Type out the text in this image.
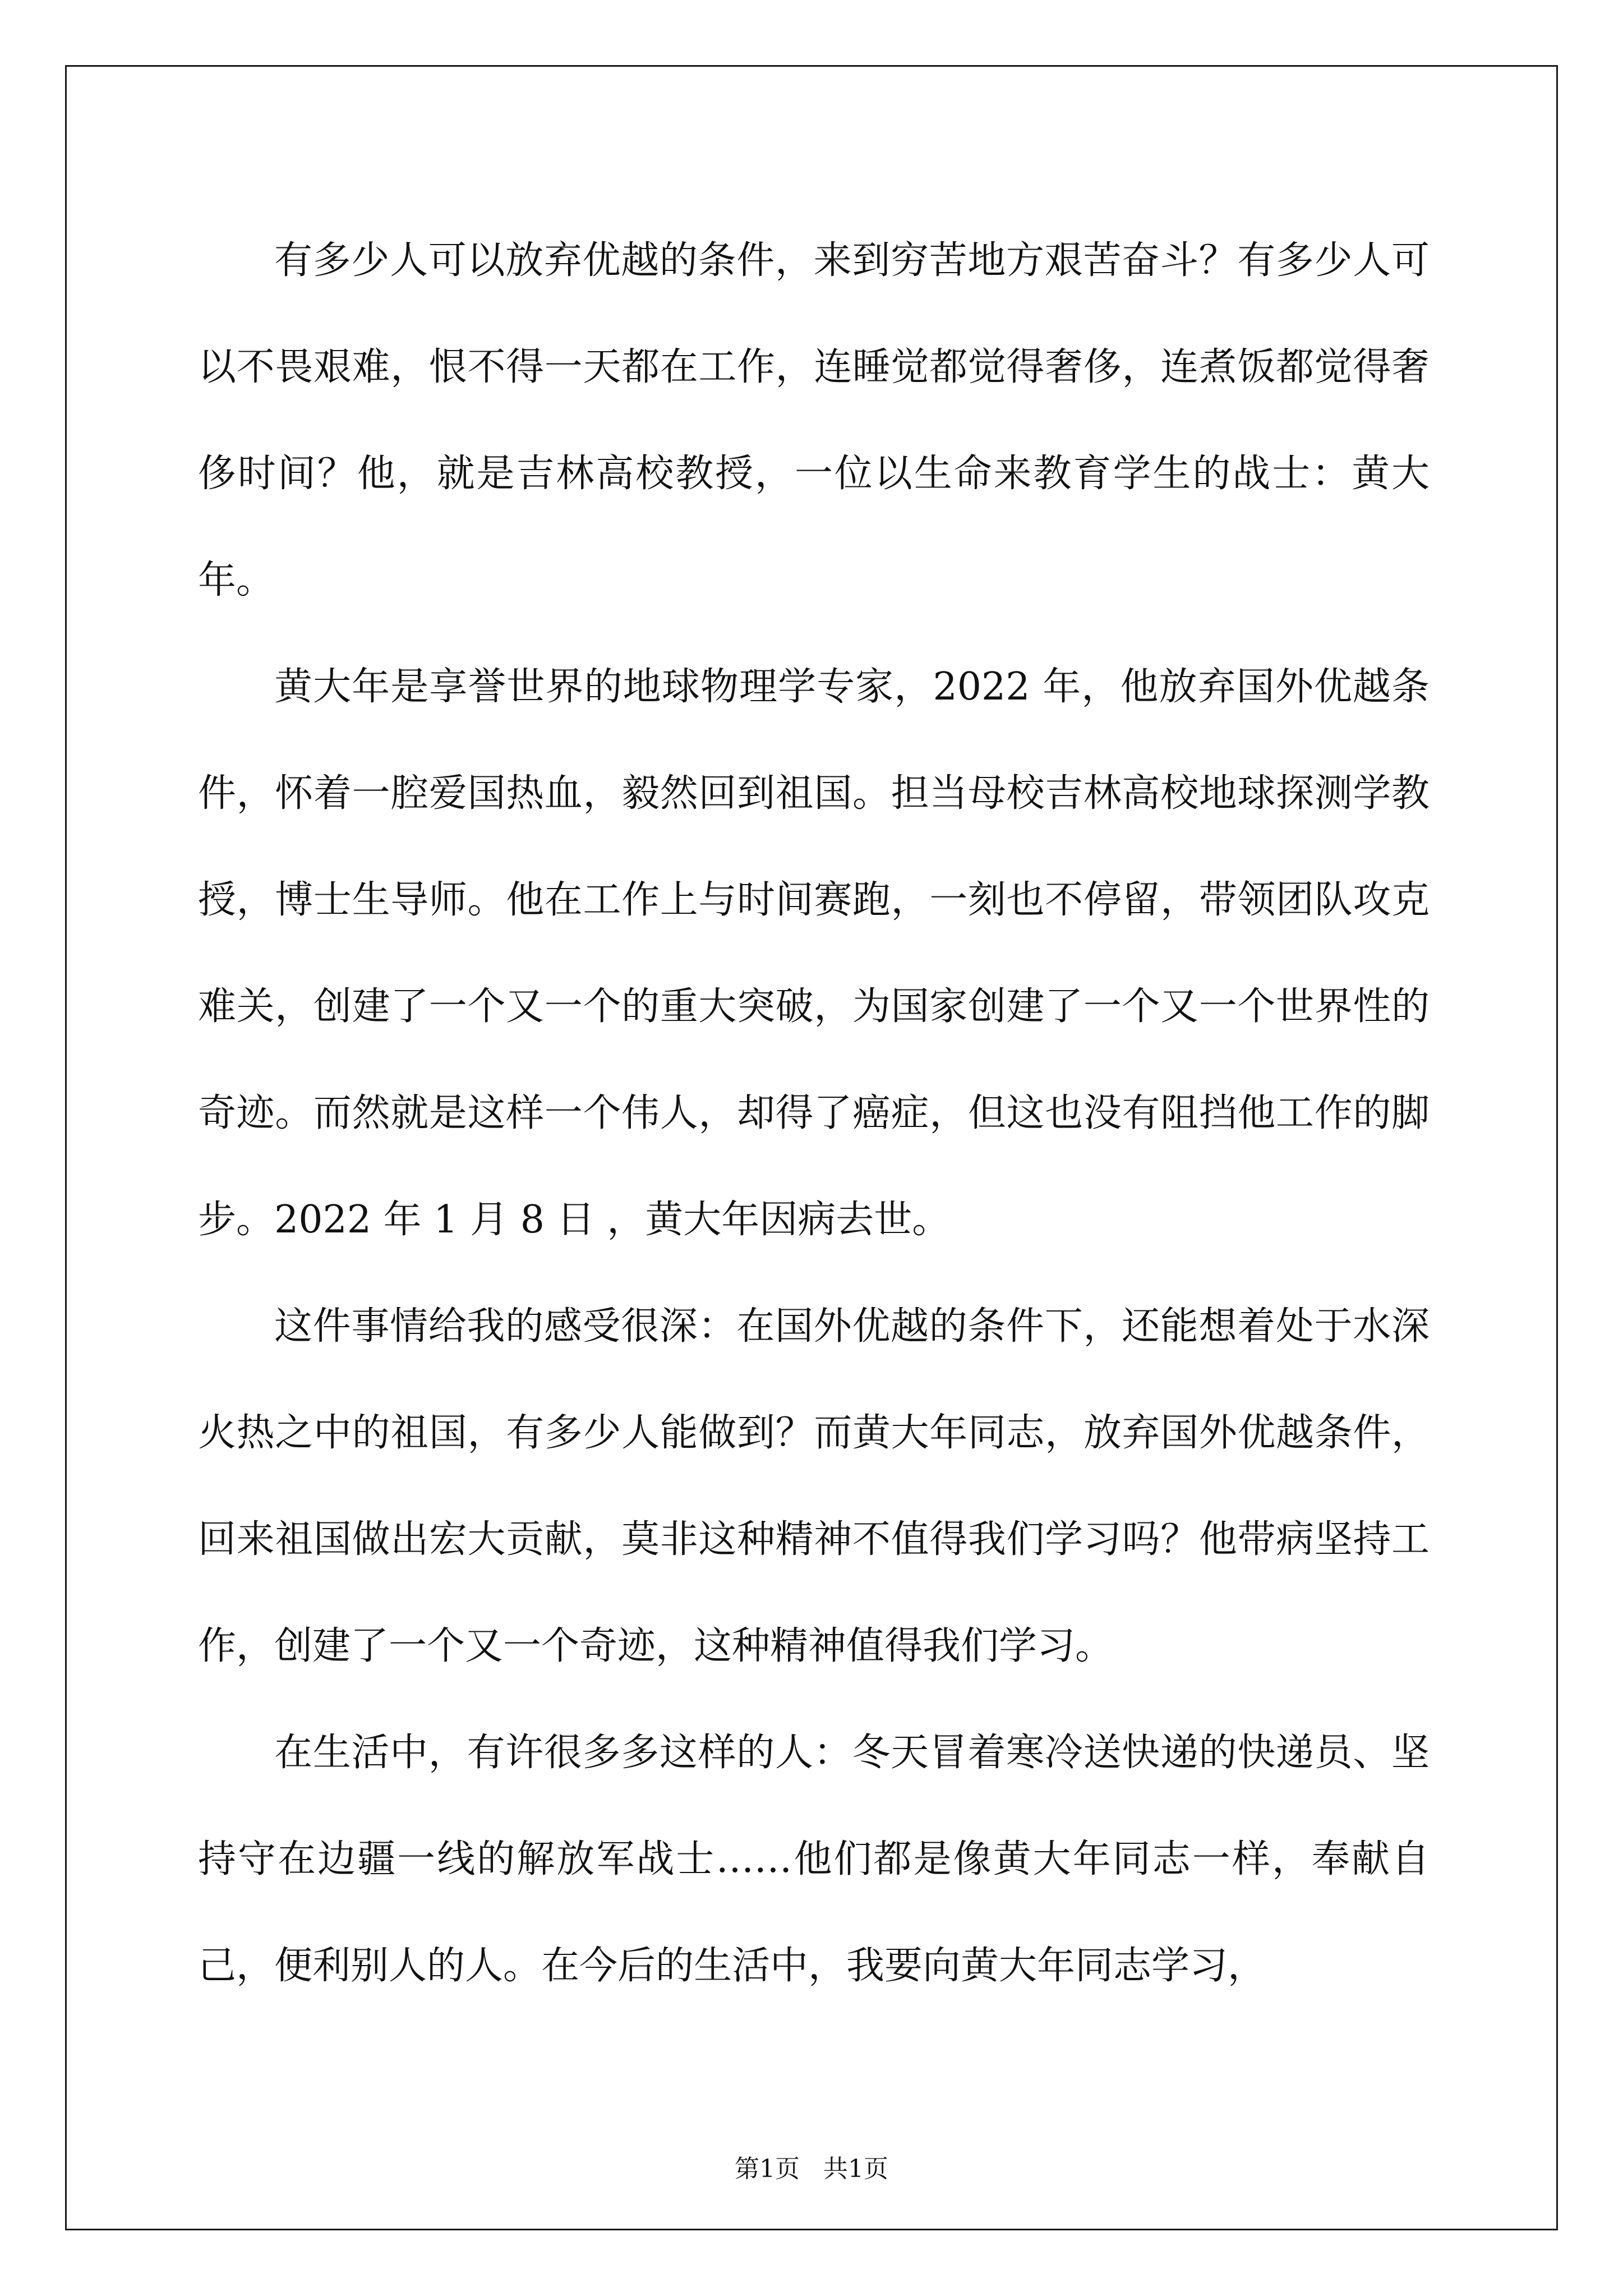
有多少人可以放弃优越的条件，来到穷苦地方艰苦奋斗？有多少人可以不畏艰难，恨不得一天都在工作，连睡觉都觉得奢侈，连煮饭都觉得奢侈时间？他，就是吉林高校教授，一位以生命来教育学生的战士：黄大年。

黄大年是享誉世界的地球物理学专家，2022 年，他放弃国外优越条件，怀着一腔爱国热血，毅然回到祖国。担当母校吉林高校地球探测学教授，博士生导师。他在工作上与时间赛跑，一刻也不停留，带领团队攻克难关，创建了一个又一个的重大突破，为国家创建了一个又一个世界性的奇迹。而然就是这样一个伟人，却得了癌症，但这也没有阻挡他工作的脚步。2022 年 1 月 8 日 ，黄大年因病去世。

这件事情给我的感受很深：在国外优越的条件下，还能想着处于水深火热之中的祖国，有多少人能做到？而黄大年同志，放弃国外优越条件，回来祖国做出宏大贡献，莫非这种精神不值得我们学习吗？他带病坚持工作，创建了一个又一个奇迹，这种精神值得我们学习。

在生活中，有许很多多这样的人：冬天冒着寒冷送快递的快递员、坚持守在边疆一线的解放军战士……他们都是像黄大年同志一样，奉献自己，便利别人的人。在今后的生活中，我要向黄大年同志学习，

第1页   共1页
